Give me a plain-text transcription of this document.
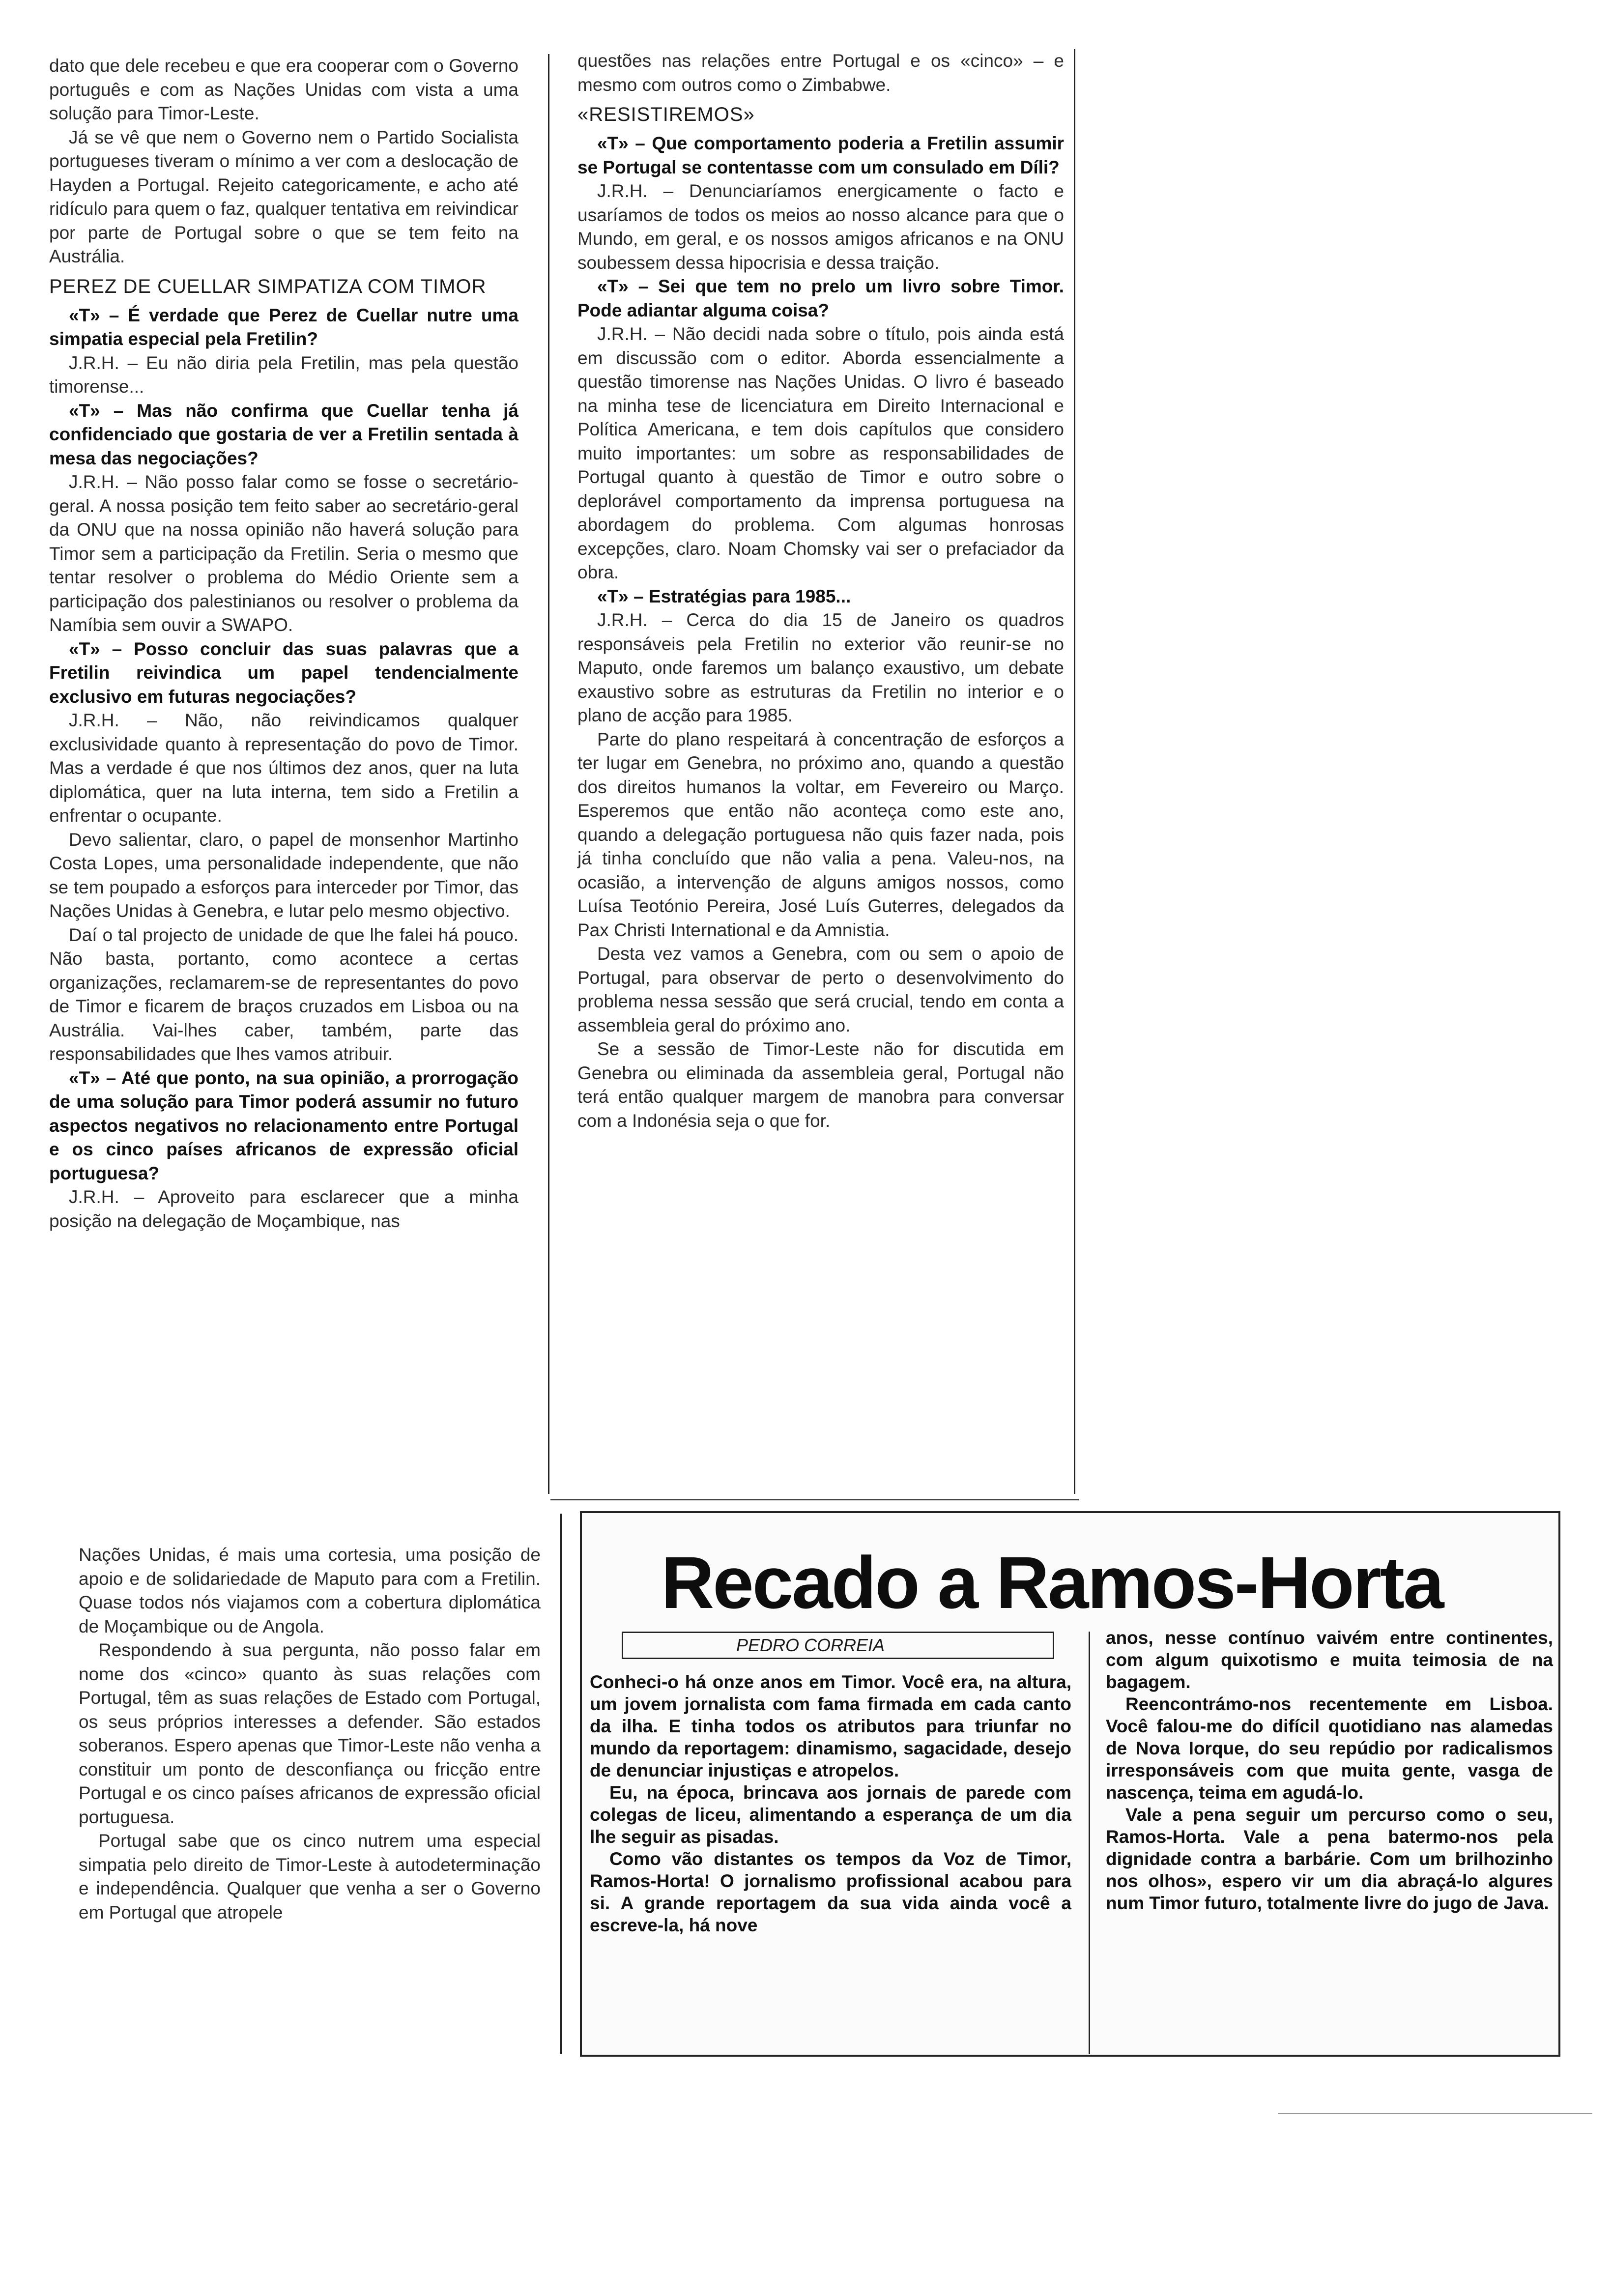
dato que dele recebeu e que era cooperar com o Governo português e com as Nações Unidas com vista a uma solução para Timor-Leste.

Já se vê que nem o Governo nem o Partido Socialista portugueses tiveram o mínimo a ver com a deslocação de Hayden a Portugal. Rejeito categoricamente, e acho até ridículo para quem o faz, qualquer tentativa em reivindicar por parte de Portugal sobre o que se tem feito na Austrália.

PEREZ DE CUELLAR SIMPATIZA COM TIMOR

«T» – É verdade que Perez de Cuellar nutre uma simpatia especial pela Fretilin?

J.R.H. – Eu não diria pela Fretilin, mas pela questão timorense...

«T» – Mas não confirma que Cuellar tenha já confidenciado que gostaria de ver a Fretilin sentada à mesa das negociações?

J.R.H. – Não posso falar como se fosse o secretário-geral. A nossa posição tem feito saber ao secretário-geral da ONU que na nossa opinião não haverá solução para Timor sem a participação da Fretilin. Seria o mesmo que tentar resolver o problema do Médio Oriente sem a participação dos palestinianos ou resolver o problema da Namíbia sem ouvir a SWAPO.

«T» – Posso concluir das suas palavras que a Fretilin reivindica um papel tendencialmente exclusivo em futuras negociações?

J.R.H. – Não, não reivindicamos qualquer exclusividade quanto à representação do povo de Timor. Mas a verdade é que nos últimos dez anos, quer na luta diplomática, quer na luta interna, tem sido a Fretilin a enfrentar o ocupante.

Devo salientar, claro, o papel de monsenhor Martinho Costa Lopes, uma personalidade independente, que não se tem poupado a esforços para interceder por Timor, das Nações Unidas à Genebra, e lutar pelo mesmo objectivo.

Daí o tal projecto de unidade de que lhe falei há pouco. Não basta, portanto, como acontece a certas organizações, reclamarem-se de representantes do povo de Timor e ficarem de braços cruzados em Lisboa ou na Austrália. Vai-lhes caber, também, parte das responsabilidades que lhes vamos atribuir.

«T» – Até que ponto, na sua opinião, a prorrogação de uma solução para Timor poderá assumir no futuro aspectos negativos no relacionamento entre Portugal e os cinco países africanos de expressão oficial portuguesa?

J.R.H. – Aproveito para esclarecer que a minha posição na delegação de Moçambique, nas

questões nas relações entre Portugal e os «cinco» – e mesmo com outros como o Zimbabwe.

«RESISTIREMOS»

«T» – Que comportamento poderia a Fretilin assumir se Portugal se contentasse com um consulado em Díli?

J.R.H. – Denunciaríamos energicamente o facto e usaríamos de todos os meios ao nosso alcance para que o Mundo, em geral, e os nossos amigos africanos e na ONU soubessem dessa hipocrisia e dessa traição.

«T» – Sei que tem no prelo um livro sobre Timor. Pode adiantar alguma coisa?

J.R.H. – Não decidi nada sobre o título, pois ainda está em discussão com o editor. Aborda essencialmente a questão timorense nas Nações Unidas. O livro é baseado na minha tese de licenciatura em Direito Internacional e Política Americana, e tem dois capítulos que considero muito importantes: um sobre as responsabilidades de Portugal quanto à questão de Timor e outro sobre o deplorável comportamento da imprensa portuguesa na abordagem do problema. Com algumas honrosas excepções, claro. Noam Chomsky vai ser o prefaciador da obra.

«T» – Estratégias para 1985...

J.R.H. – Cerca do dia 15 de Janeiro os quadros responsáveis pela Fretilin no exterior vão reunir-se no Maputo, onde faremos um balanço exaustivo, um debate exaustivo sobre as estruturas da Fretilin no interior e o plano de acção para 1985.

Parte do plano respeitará à concentração de esforços a ter lugar em Genebra, no próximo ano, quando a questão dos direitos humanos la voltar, em Fevereiro ou Março. Esperemos que então não aconteça como este ano, quando a delegação portuguesa não quis fazer nada, pois já tinha concluído que não valia a pena. Valeu-nos, na ocasião, a intervenção de alguns amigos nossos, como Luísa Teotónio Pereira, José Luís Guterres, delegados da Pax Christi International e da Amnistia.

Desta vez vamos a Genebra, com ou sem o apoio de Portugal, para observar de perto o desenvolvimento do problema nessa sessão que será crucial, tendo em conta a assembleia geral do próximo ano.

Se a sessão de Timor-Leste não for discutida em Genebra ou eliminada da assembleia geral, Portugal não terá então qualquer margem de manobra para conversar com a Indonésia seja o que for.

Nações Unidas, é mais uma cortesia, uma posição de apoio e de solidariedade de Maputo para com a Fretilin. Quase todos nós viajamos com a cobertura diplomática de Moçambique ou de Angola.

Respondendo à sua pergunta, não posso falar em nome dos «cinco» quanto às suas relações com Portugal, têm as suas relações de Estado com Portugal, os seus próprios interesses a defender. São estados soberanos. Espero apenas que Timor-Leste não venha a constituir um ponto de desconfiança ou fricção entre Portugal e os cinco países africanos de expressão oficial portuguesa.

Portugal sabe que os cinco nutrem uma especial simpatia pelo direito de Timor-Leste à autodeterminação e independência. Qualquer que venha a ser o Governo em Portugal que atropele

Recado a Ramos-Horta
PEDRO CORREIA

Conheci-o há onze anos em Timor. Você era, na altura, um jovem jornalista com fama firmada em cada canto da ilha. E tinha todos os atributos para triunfar no mundo da reportagem: dinamismo, sagacidade, desejo de denunciar injustiças e atropelos.

Eu, na época, brincava aos jornais de parede com colegas de liceu, alimentando a esperança de um dia lhe seguir as pisadas.

Como vão distantes os tempos da Voz de Timor, Ramos-Horta! O jornalismo profissional acabou para si. A grande reportagem da sua vida ainda você a escreve-la, há nove

anos, nesse contínuo vaivém entre continentes, com algum quixotismo e muita teimosia de na bagagem.

Reencontrámo-nos recentemente em Lisboa. Você falou-me do difícil quotidiano nas alamedas de Nova Iorque, do seu repúdio por radicalismos irresponsáveis com que muita gente, vasga de nascença, teima em agudá-lo.

Vale a pena seguir um percurso como o seu, Ramos-Horta. Vale a pena batermo-nos pela dignidade contra a barbárie. Com um brilhozinho nos olhos», espero vir um dia abraçá-lo algures num Timor futuro, totalmente livre do jugo de Java.
